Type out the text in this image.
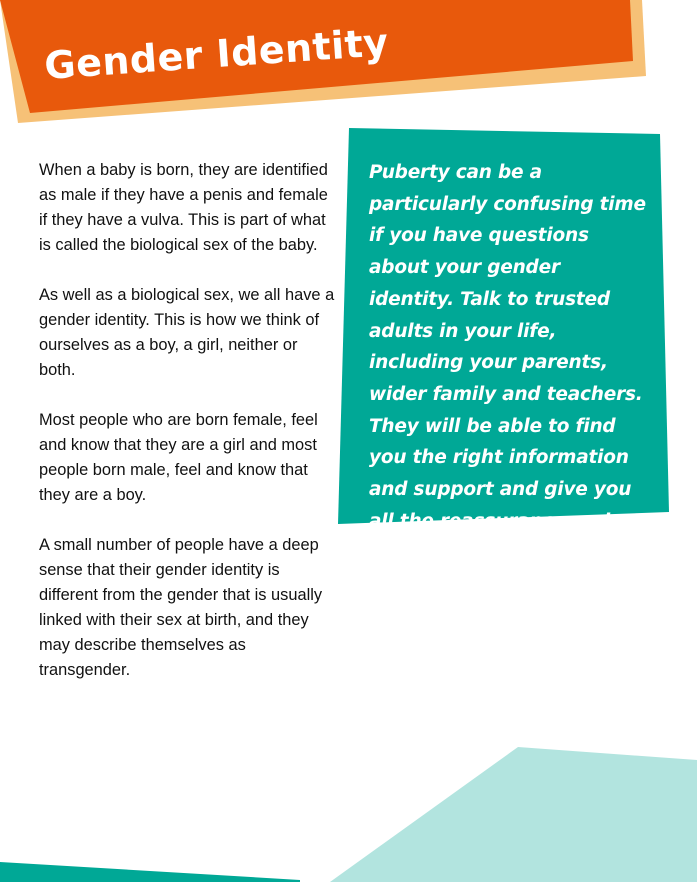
Gender Identity

When a baby is born, they are identified as male if they have a penis and female if they have a vulva. This is part of what is called the biological sex of the baby.

As well as a biological sex, we all have a gender identity. This is how we think of ourselves as a boy, a girl, neither or both.

Most people who are born female, feel and know that they are a girl and most people born male, feel and know that they are a boy.

A small number of people have a deep sense that their gender identity is different from the gender that is usually linked with their sex at birth, and they may describe themselves as transgender.

Puberty can be a particularly confusing time if you have questions about your gender identity. Talk to trusted adults in your life, including your parents, wider family and teachers. They will be able to find you the right information and support and give you all the reassurance and love you need.
